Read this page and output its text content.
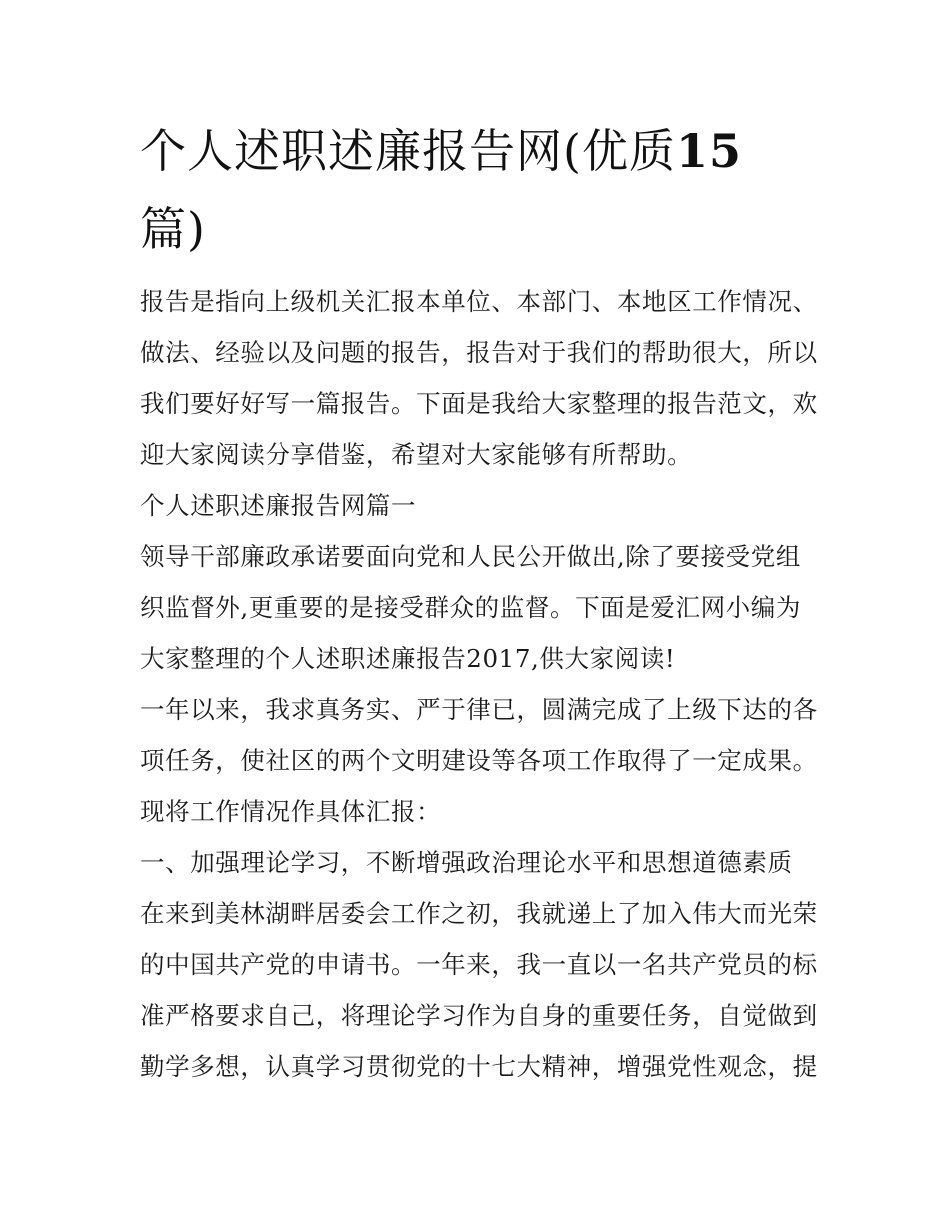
个人述职述廉报告网(优质15
篇)
报告是指向上级机关汇报本单位、本部门、本地区工作情况、
做法、经验以及问题的报告，报告对于我们的帮助很大，所以
我们要好好写一篇报告。下面是我给大家整理的报告范文，欢
迎大家阅读分享借鉴，希望对大家能够有所帮助。
个人述职述廉报告网篇一
领导干部廉政承诺要面向党和人民公开做出,除了要接受党组
织监督外,更重要的是接受群众的监督。下面是爱汇网小编为
大家整理的个人述职述廉报告2017,供大家阅读!
一年以来，我求真务实、严于律已，圆满完成了上级下达的各
项任务，使社区的两个文明建设等各项工作取得了一定成果。
现将工作情况作具体汇报：
一、加强理论学习，不断增强政治理论水平和思想道德素质
在来到美林湖畔居委会工作之初，我就递上了加入伟大而光荣
的中国共产党的申请书。一年来，我一直以一名共产党员的标
准严格要求自己，将理论学习作为自身的重要任务，自觉做到
勤学多想，认真学习贯彻党的十七大精神，增强党性观念，提
